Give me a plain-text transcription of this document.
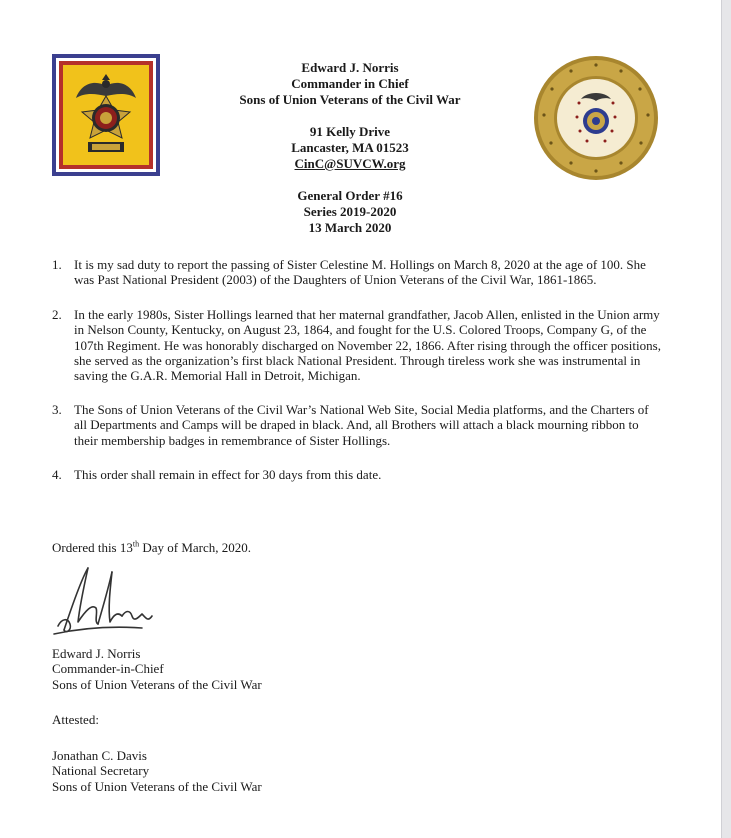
Edward J. Norris
Commander in Chief
Sons of Union Veterans of the Civil War
91 Kelly Drive
Lancaster, MA 01523
CinC@SUVCW.org
General Order #16
Series 2019-2020
13 March 2020
1. It is my sad duty to report the passing of Sister Celestine M. Hollings on March 8, 2020 at the age of 100. She was Past National President (2003) of the Daughters of Union Veterans of the Civil War, 1861-1865.
2. In the early 1980s, Sister Hollings learned that her maternal grandfather, Jacob Allen, enlisted in the Union army in Nelson County, Kentucky, on August 23, 1864, and fought for the U.S. Colored Troops, Company G, of the 107th Regiment. He was honorably discharged on November 22, 1866. After rising through the officer positions, she served as the organization’s first black National President. Through tireless work she was instrumental in saving the G.A.R. Memorial Hall in Detroit, Michigan.
3. The Sons of Union Veterans of the Civil War’s National Web Site, Social Media platforms, and the Charters of all Departments and Camps will be draped in black. And, all Brothers will attach a black mourning ribbon to their membership badges in remembrance of Sister Hollings.
4. This order shall remain in effect for 30 days from this date.
Ordered this 13th Day of March, 2020.
Edward J. Norris
Commander-in-Chief
Sons of Union Veterans of the Civil War
Attested:
Jonathan C. Davis
National Secretary
Sons of Union Veterans of the Civil War
